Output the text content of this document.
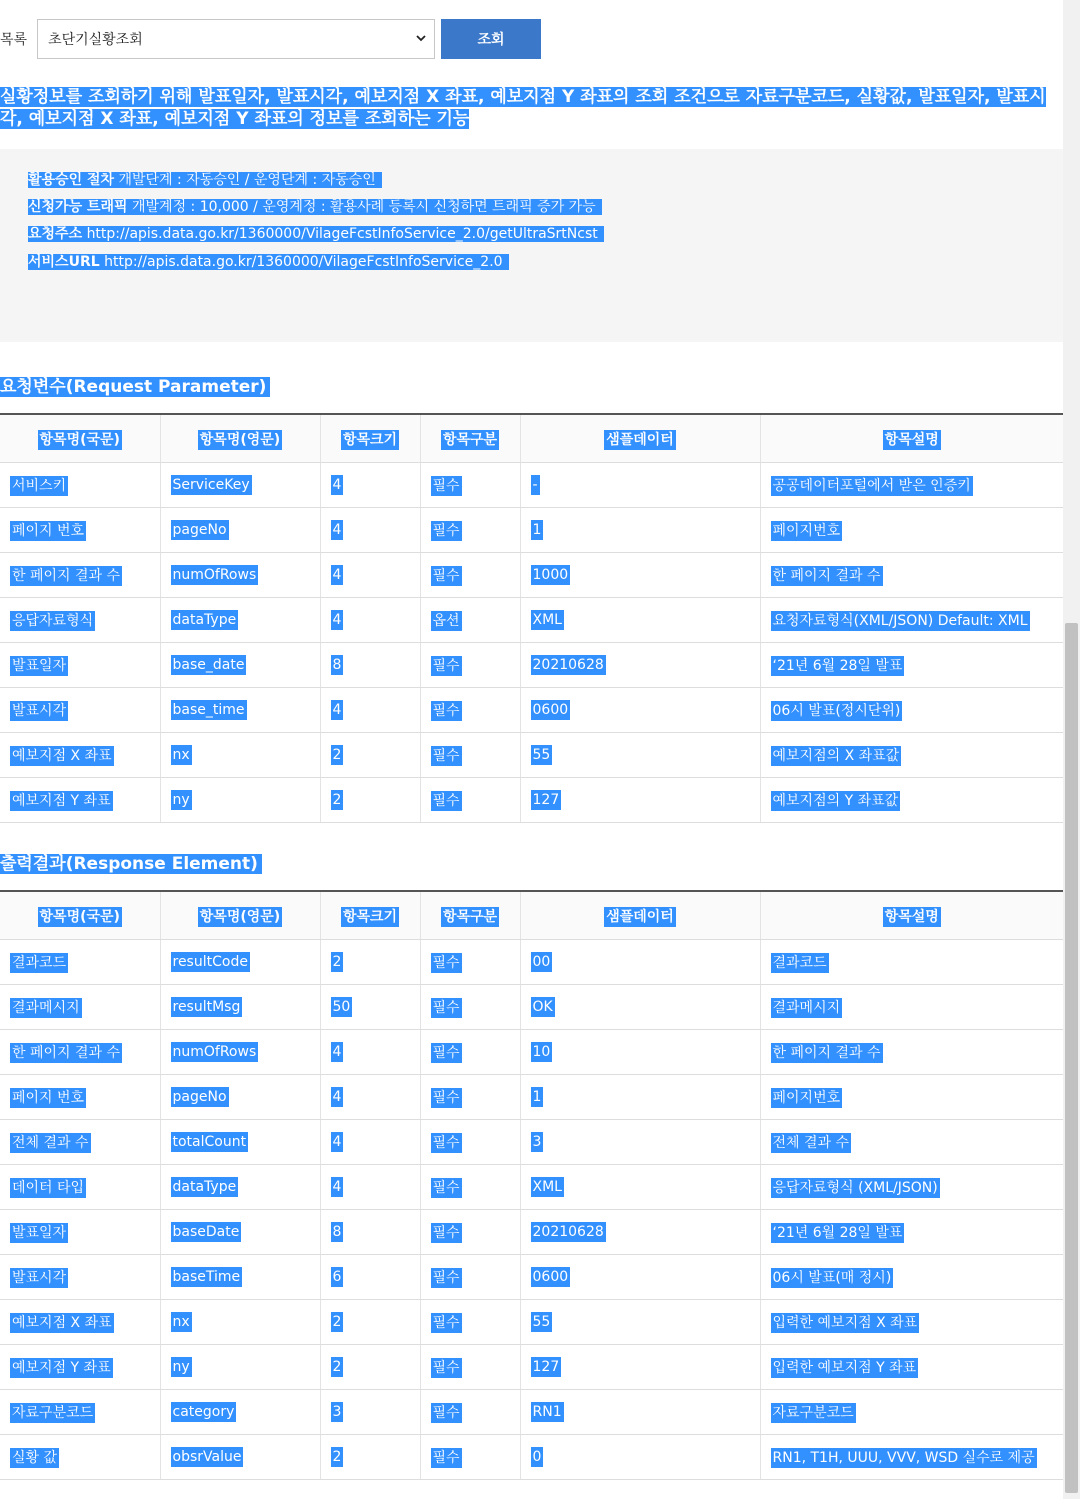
목록 초단기실황조회	조회
실황정보를 조회하기 위해 발표일자, 발표시각, 예보지점 X 좌표, 예보지점 Y 좌표의 조회 조건으로 자료구분코드, 실황값, 발표일자, 발표시각, 예보지점 X 좌표, 예보지점 Y 좌표의 정보를 조회하는 기능
활용승인 절차 개발단계 : 자동승인 / 운영단계 : 자동승인
신청가능 트래픽 개발계정 : 10,000 / 운영계정 : 활용사례 등록시 신청하면 트래픽 증가 가능
요청주소 http://apis.data.go.kr/1360000/VilageFcstInfoService_2.0/getUltraSrtNcst
서비스URL http://apis.data.go.kr/1360000/VilageFcstInfoService_2.0
요청변수(Request Parameter)
항목명(국문)	항목명(영문)	항목크기	항목구분	샘플데이터	항목설명
서비스키	ServiceKey	4	필수	-	공공데이터포털에서 받은 인증키
페이지 번호	pageNo	4	필수	1	페이지번호
한 페이지 결과 수	numOfRows	4	필수	1000	한 페이지 결과 수
응답자료형식	dataType	4	옵션	XML	요청자료형식(XML/JSON) Default: XML
발표일자	base_date	8	필수	20210628	‘21년 6월 28일 발표
발표시각	base_time	4	필수	0600	06시 발표(정시단위)
예보지점 X 좌표	nx	2	필수	55	예보지점의 X 좌표값
예보지점 Y 좌표	ny	2	필수	127	예보지점의 Y 좌표값
출력결과(Response Element)
항목명(국문)	항목명(영문)	항목크기	항목구분	샘플데이터	항목설명
결과코드	resultCode	2	필수	00	결과코드
결과메시지	resultMsg	50	필수	OK	결과메시지
한 페이지 결과 수	numOfRows	4	필수	10	한 페이지 결과 수
페이지 번호	pageNo	4	필수	1	페이지번호
전체 결과 수	totalCount	4	필수	3	전체 결과 수
데이터 타입	dataType	4	필수	XML	응답자료형식 (XML/JSON)
발표일자	baseDate	8	필수	20210628	‘21년 6월 28일 발표
발표시각	baseTime	6	필수	0600	06시 발표(매 정시)
예보지점 X 좌표	nx	2	필수	55	입력한 예보지점 X 좌표
예보지점 Y 좌표	ny	2	필수	127	입력한 예보지점 Y 좌표
자료구분코드	category	3	필수	RN1	자료구분코드
실황 값	obsrValue	2	필수	0	RN1, T1H, UUU, VVV, WSD 실수로 제공
